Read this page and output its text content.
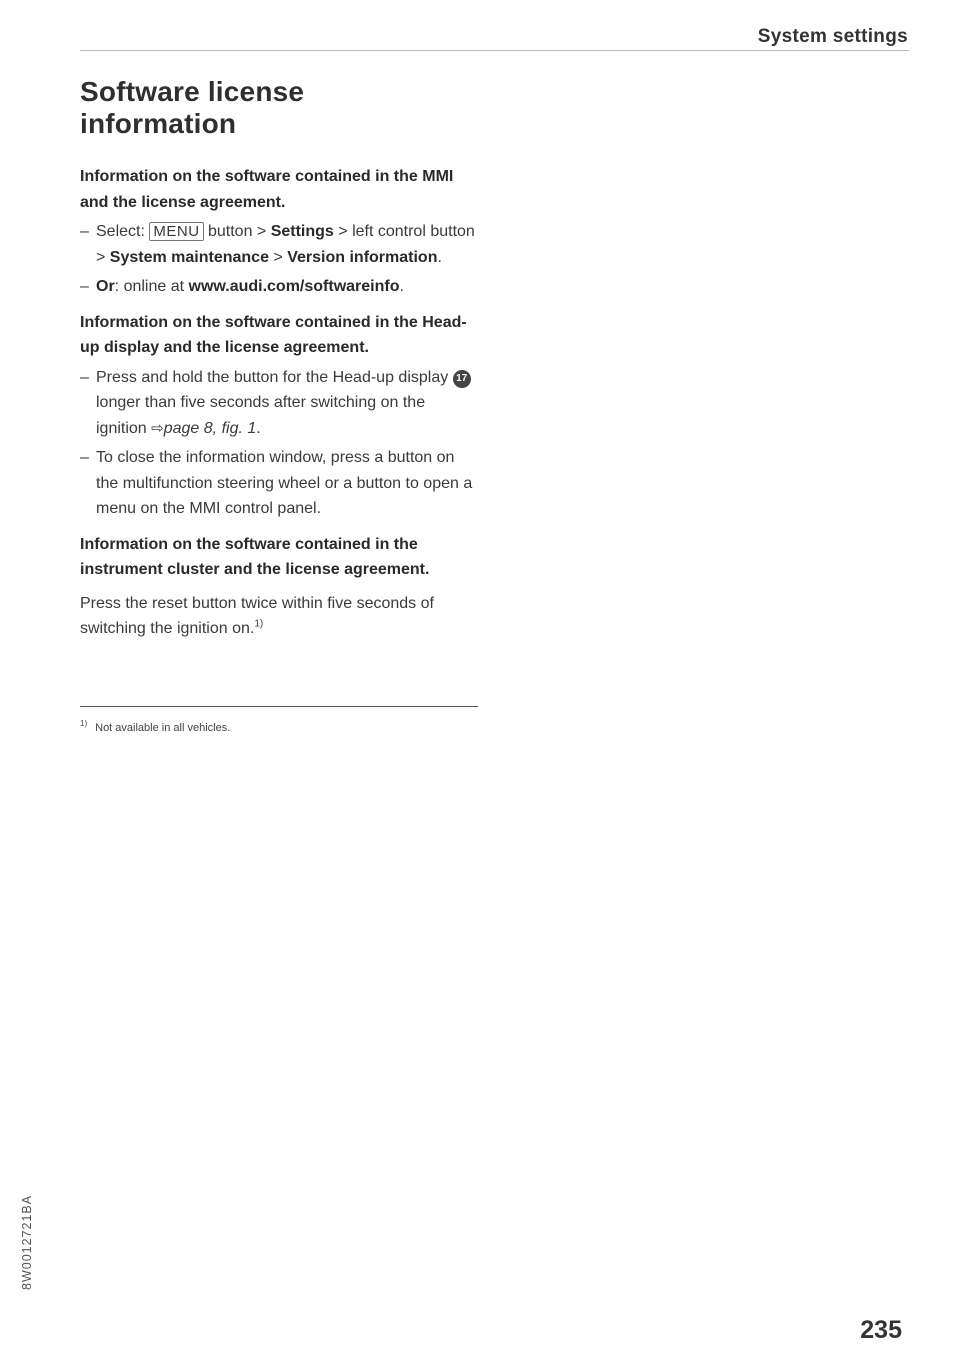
System settings
Software license
information
Information on the software contained in the MMI and the license agreement.
– Select: MENU button > Settings > left control button > System maintenance > Version information.
– Or: online at www.audi.com/softwareinfo.
Information on the software contained in the Head-up display and the license agreement.
– Press and hold the button for the Head-up display 17 longer than five seconds after switching on the ignition ⇨page 8, fig. 1.
– To close the information window, press a button on the multifunction steering wheel or a button to open a menu on the MMI control panel.
Information on the software contained in the instrument cluster and the license agreement.

Press the reset button twice within five seconds of switching the ignition on.$^{1)}$

$^{1)}$ Not available in all vehicles.
8W0012721BA
235
